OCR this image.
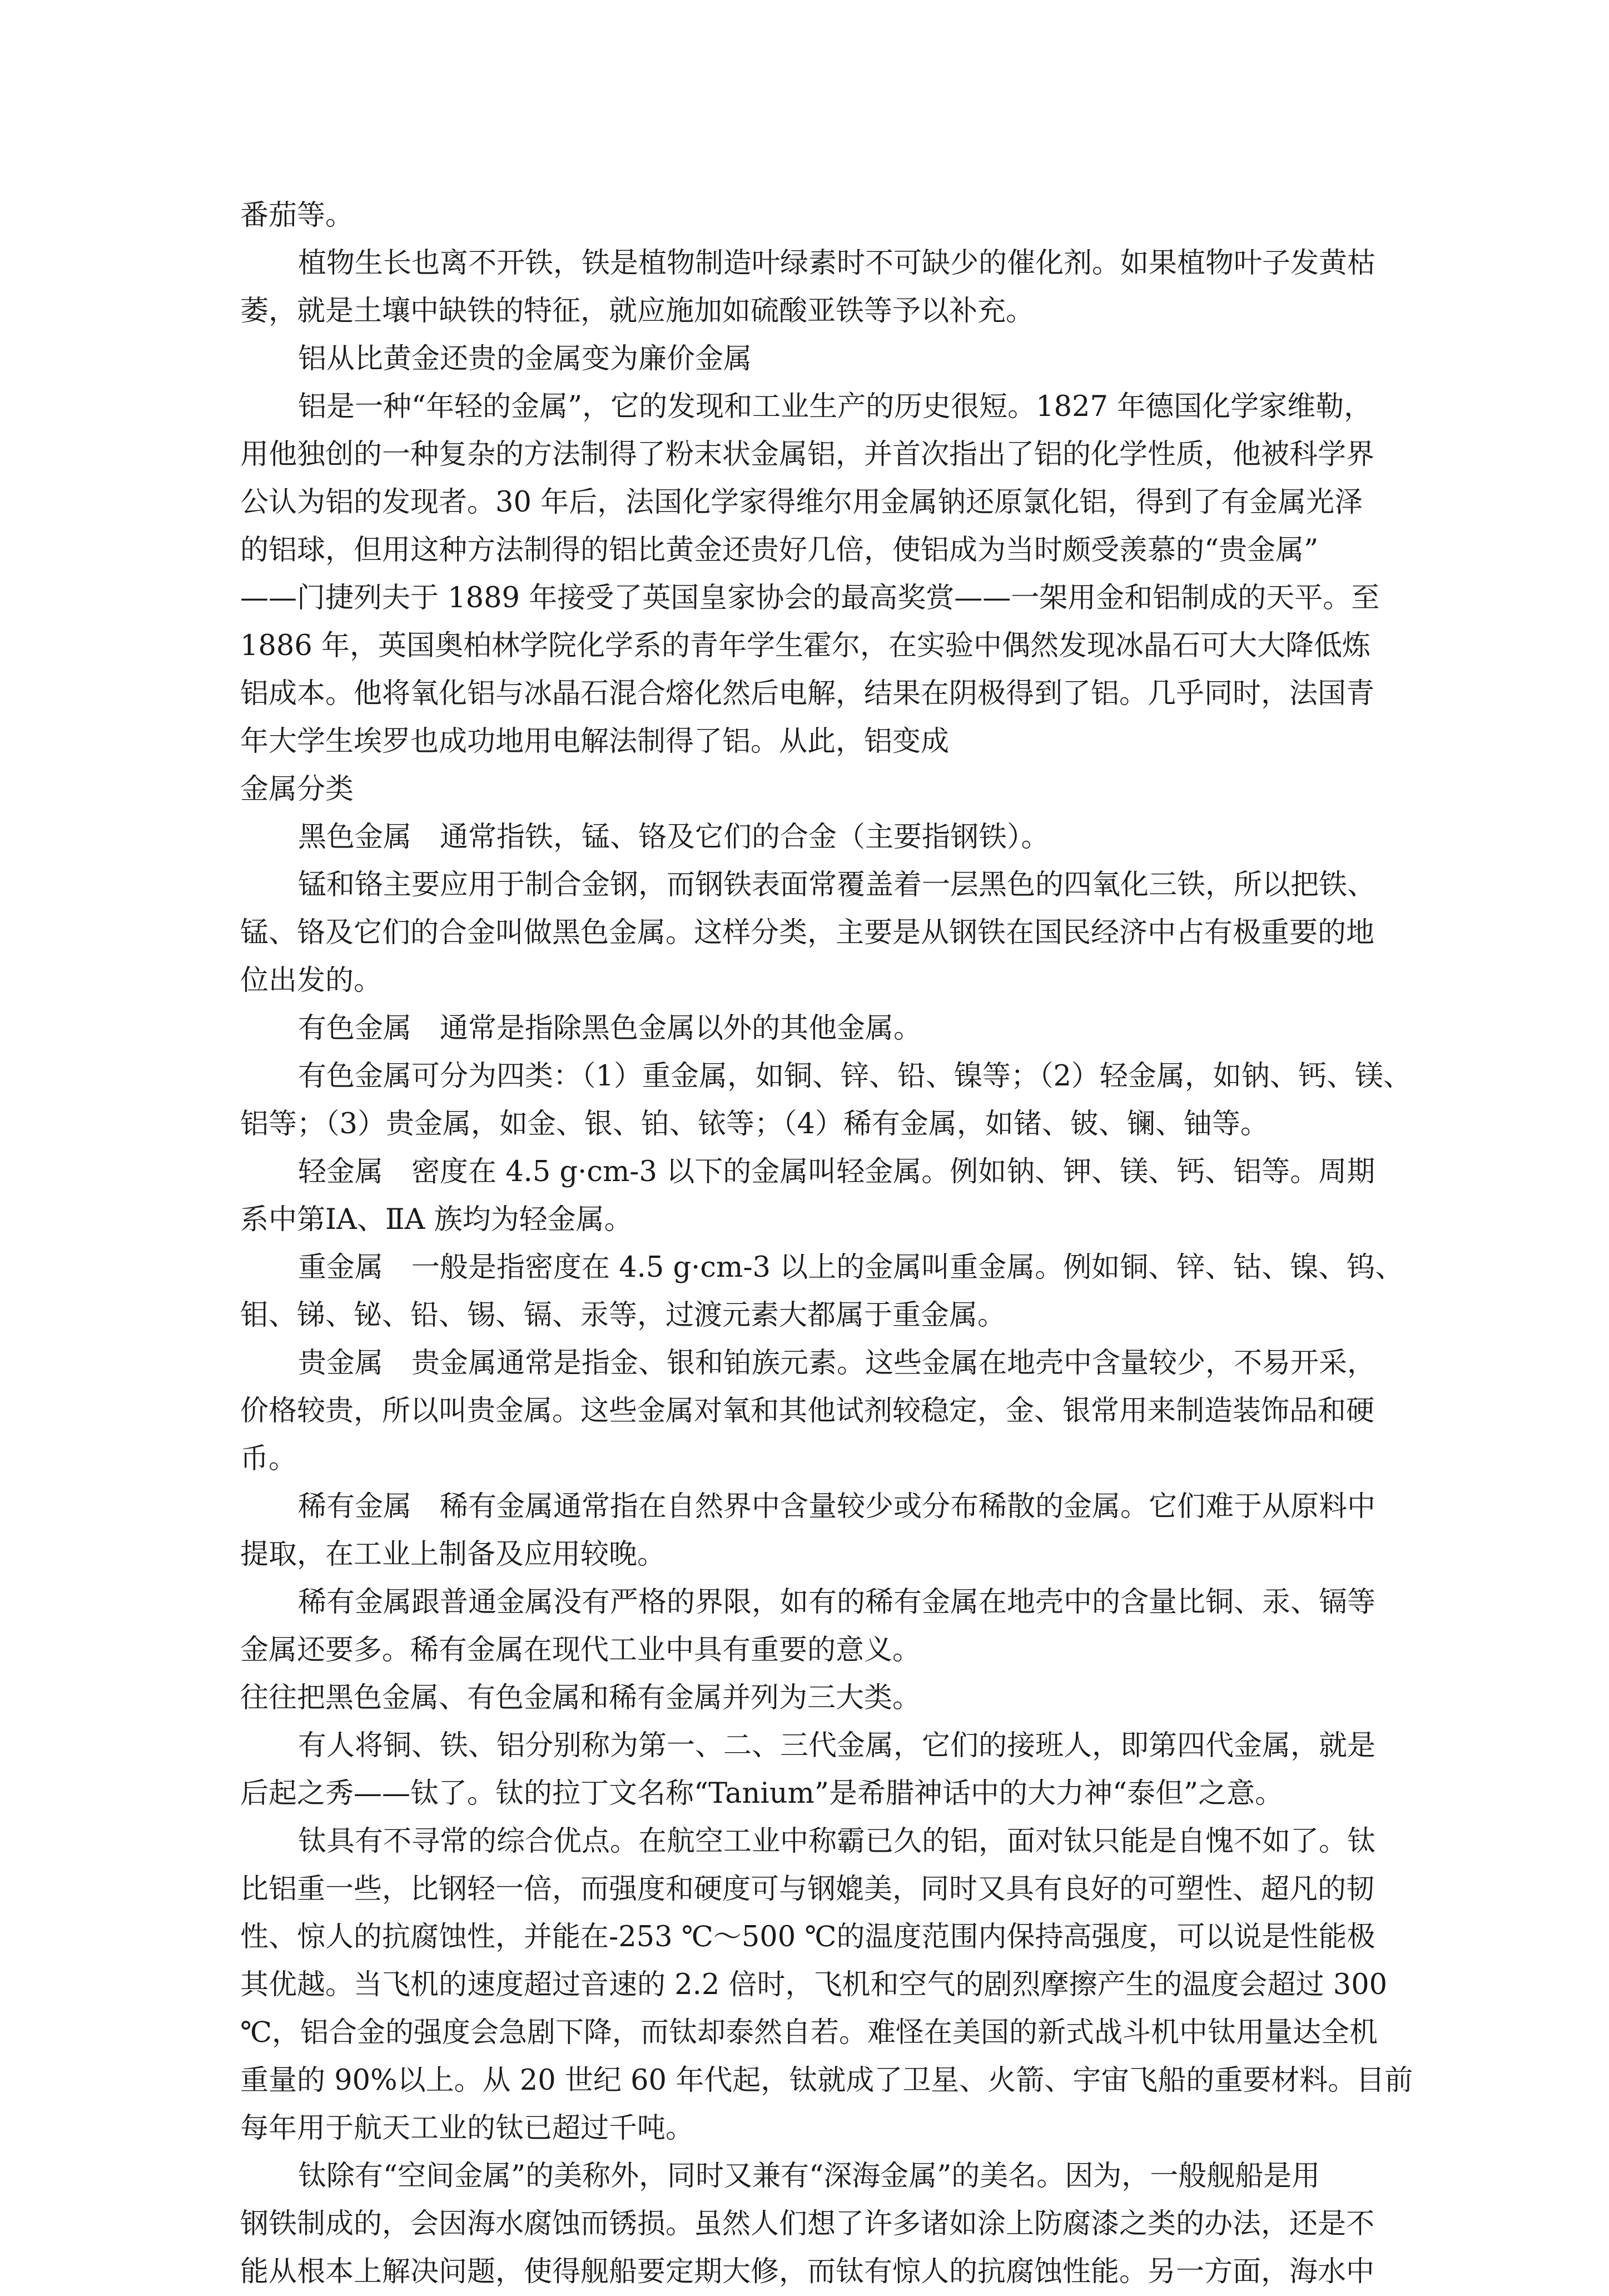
番茄等。
植物生长也离不开铁，铁是植物制造叶绿素时不可缺少的催化剂。如果植物叶子发黄枯
萎，就是土壤中缺铁的特征，就应施加如硫酸亚铁等予以补充。
铝从比黄金还贵的金属变为廉价金属
铝是一种“年轻的金属”，它的发现和工业生产的历史很短。1827 年德国化学家维勒，
用他独创的一种复杂的方法制得了粉末状金属铝，并首次指出了铝的化学性质，他被科学界
公认为铝的发现者。30 年后，法国化学家得维尔用金属钠还原氯化铝，得到了有金属光泽
的铝球，但用这种方法制得的铝比黄金还贵好几倍，使铝成为当时颇受羡慕的“贵金属”
——门捷列夫于 1889 年接受了英国皇家协会的最高奖赏——一架用金和铝制成的天平。至
1886 年，英国奥柏林学院化学系的青年学生霍尔，在实验中偶然发现冰晶石可大大降低炼
铝成本。他将氧化铝与冰晶石混合熔化然后电解，结果在阴极得到了铝。几乎同时，法国青
年大学生埃罗也成功地用电解法制得了铝。从此，铝变成
金属分类
黑色金属　通常指铁，锰、铬及它们的合金（主要指钢铁）。
锰和铬主要应用于制合金钢，而钢铁表面常覆盖着一层黑色的四氧化三铁，所以把铁、
锰、铬及它们的合金叫做黑色金属。这样分类，主要是从钢铁在国民经济中占有极重要的地
位出发的。
有色金属　通常是指除黑色金属以外的其他金属。
有色金属可分为四类：（1）重金属，如铜、锌、铅、镍等；（2）轻金属，如钠、钙、镁、
铝等；（3）贵金属，如金、银、铂、铱等；（4）稀有金属，如锗、铍、镧、铀等。
轻金属　密度在 4.5 g·cm-3 以下的金属叫轻金属。例如钠、钾、镁、钙、铝等。周期
系中第ⅠA、ⅡA 族均为轻金属。
重金属　一般是指密度在 4.5 g·cm-3 以上的金属叫重金属。例如铜、锌、钴、镍、钨、
钼、锑、铋、铅、锡、镉、汞等，过渡元素大都属于重金属。
贵金属　贵金属通常是指金、银和铂族元素。这些金属在地壳中含量较少，不易开采，
价格较贵，所以叫贵金属。这些金属对氧和其他试剂较稳定，金、银常用来制造装饰品和硬
币。
稀有金属　稀有金属通常指在自然界中含量较少或分布稀散的金属。它们难于从原料中
提取，在工业上制备及应用较晚。
稀有金属跟普通金属没有严格的界限，如有的稀有金属在地壳中的含量比铜、汞、镉等
金属还要多。稀有金属在现代工业中具有重要的意义。
往往把黑色金属、有色金属和稀有金属并列为三大类。
有人将铜、铁、铝分别称为第一、二、三代金属，它们的接班人，即第四代金属，就是
后起之秀——钛了。钛的拉丁文名称“Tanium”是希腊神话中的大力神“泰但”之意。
钛具有不寻常的综合优点。在航空工业中称霸已久的铝，面对钛只能是自愧不如了。钛
比铝重一些，比钢轻一倍，而强度和硬度可与钢媲美，同时又具有良好的可塑性、超凡的韧
性、惊人的抗腐蚀性，并能在-253 ℃～500 ℃的温度范围内保持高强度，可以说是性能极
其优越。当飞机的速度超过音速的 2.2 倍时，飞机和空气的剧烈摩擦产生的温度会超过 300
℃，铝合金的强度会急剧下降，而钛却泰然自若。难怪在美国的新式战斗机中钛用量达全机
重量的 90%以上。从 20 世纪 60 年代起，钛就成了卫星、火箭、宇宙飞船的重要材料。目前
每年用于航天工业的钛已超过千吨。
钛除有“空间金属”的美称外，同时又兼有“深海金属”的美名。因为，一般舰船是用
钢铁制成的，会因海水腐蚀而锈损。虽然人们想了许多诸如涂上防腐漆之类的办法，还是不
能从根本上解决问题，使得舰船要定期大修，而钛有惊人的抗腐蚀性能。另一方面，海水中
